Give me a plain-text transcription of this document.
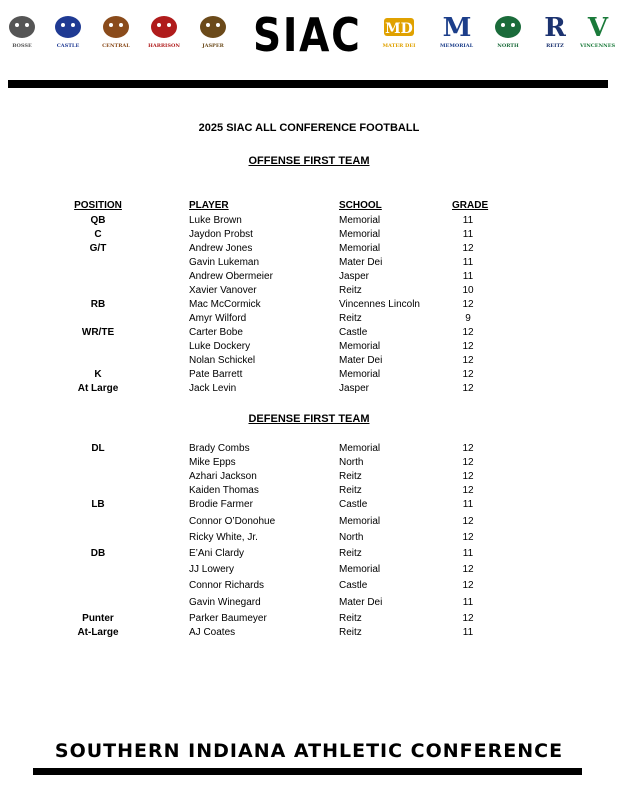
BOSSE	CASTLE	CENTRAL	HARRISON	JASPER
MD
MATER DEI
M
MEMORIAL	NORTH
R
REITZ
V
VINCENNES
SIAC
2025 SIAC ALL CONFERENCE FOOTBALL
OFFENSE FIRST TEAM
POSITION	PLAYER	SCHOOL	GRADE
QB	Luke Brown	Memorial	11
C	Jaydon Probst	Memorial	11
G/T	Andrew Jones	Memorial	12
Gavin Lukeman	Mater Dei	11
Andrew Obermeier	Jasper	11
Xavier Vanover	Reitz	10
RB	Mac McCormick	Vincennes Lincoln	12
Amyr Wilford	Reitz	9
WR/TE	Carter Bobe	Castle	12
Luke Dockery	Memorial	12
Nolan Schickel	Mater Dei	12
K	Pate Barrett	Memorial	12
At Large	Jack Levin	Jasper	12
DEFENSE FIRST TEAM
DL	Brady Combs	Memorial	12
Mike Epps	North	12
Azhari Jackson	Reitz	12
Kaiden Thomas	Reitz	12
LB	Brodie Farmer	Castle	11
Connor O’Donohue	Memorial	12
Ricky White, Jr.	North	12
DB	E’Ani Clardy	Reitz	11
JJ Lowery	Memorial	12
Connor Richards	Castle	12
Gavin Winegard	Mater Dei	11
Punter	Parker Baumeyer	Reitz	12
At-Large	AJ Coates	Reitz	11
SOUTHERN INDIANA ATHLETIC CONFERENCE
